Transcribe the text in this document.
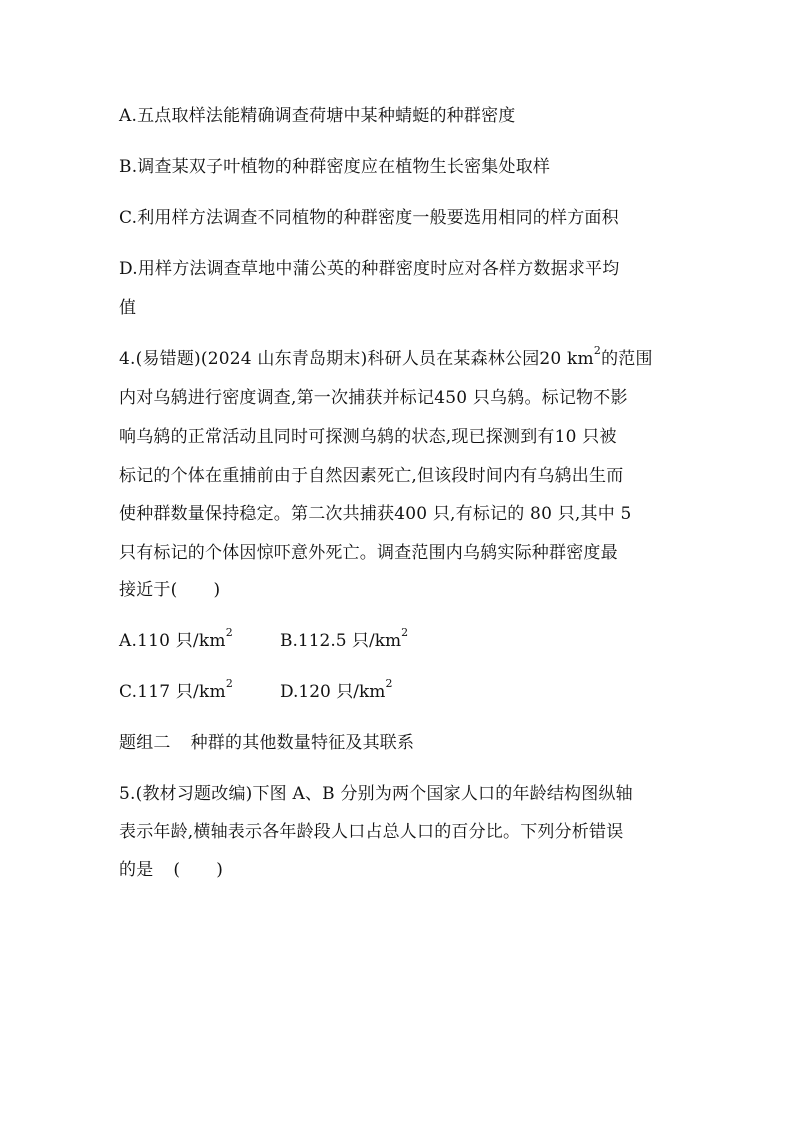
A.五点取样法能精确调查荷塘中某种蜻蜓的种群密度
B.调查某双子叶植物的种群密度应在植物生长密集处取样
C.利用样方法调查不同植物的种群密度一般要选用相同的样方面积
D.用样方法调查草地中蒲公英的种群密度时应对各样方数据求平均
值
4.(易错题)(2024 山东青岛期末)科研人员在某森林公园20 $km^2$的范围
内对乌鸫进行密度调查,第一次捕获并标记450 只乌鸫。标记物不影
响乌鸫的正常活动且同时可探测乌鸫的状态,现已探测到有10 只被
标记的个体在重捕前由于自然因素死亡,但该段时间内有乌鸫出生而
使种群数量保持稳定。第二次共捕获400 只,有标记的 80 只,其中 5
只有标记的个体因惊吓意外死亡。调查范围内乌鸫实际种群密度最
接近于( )
A.110 只$/km^2$	B.112.5 只$/km^2$
C.117 只$/km^2$	D.120 只$/km^2$
题组二 种群的其他数量特征及其联系
5.(教材习题改编)下图 A、B 分别为两个国家人口的年龄结构图纵轴
表示年龄,横轴表示各年龄段人口占总人口的百分比。下列分析错误
的是 ( )
